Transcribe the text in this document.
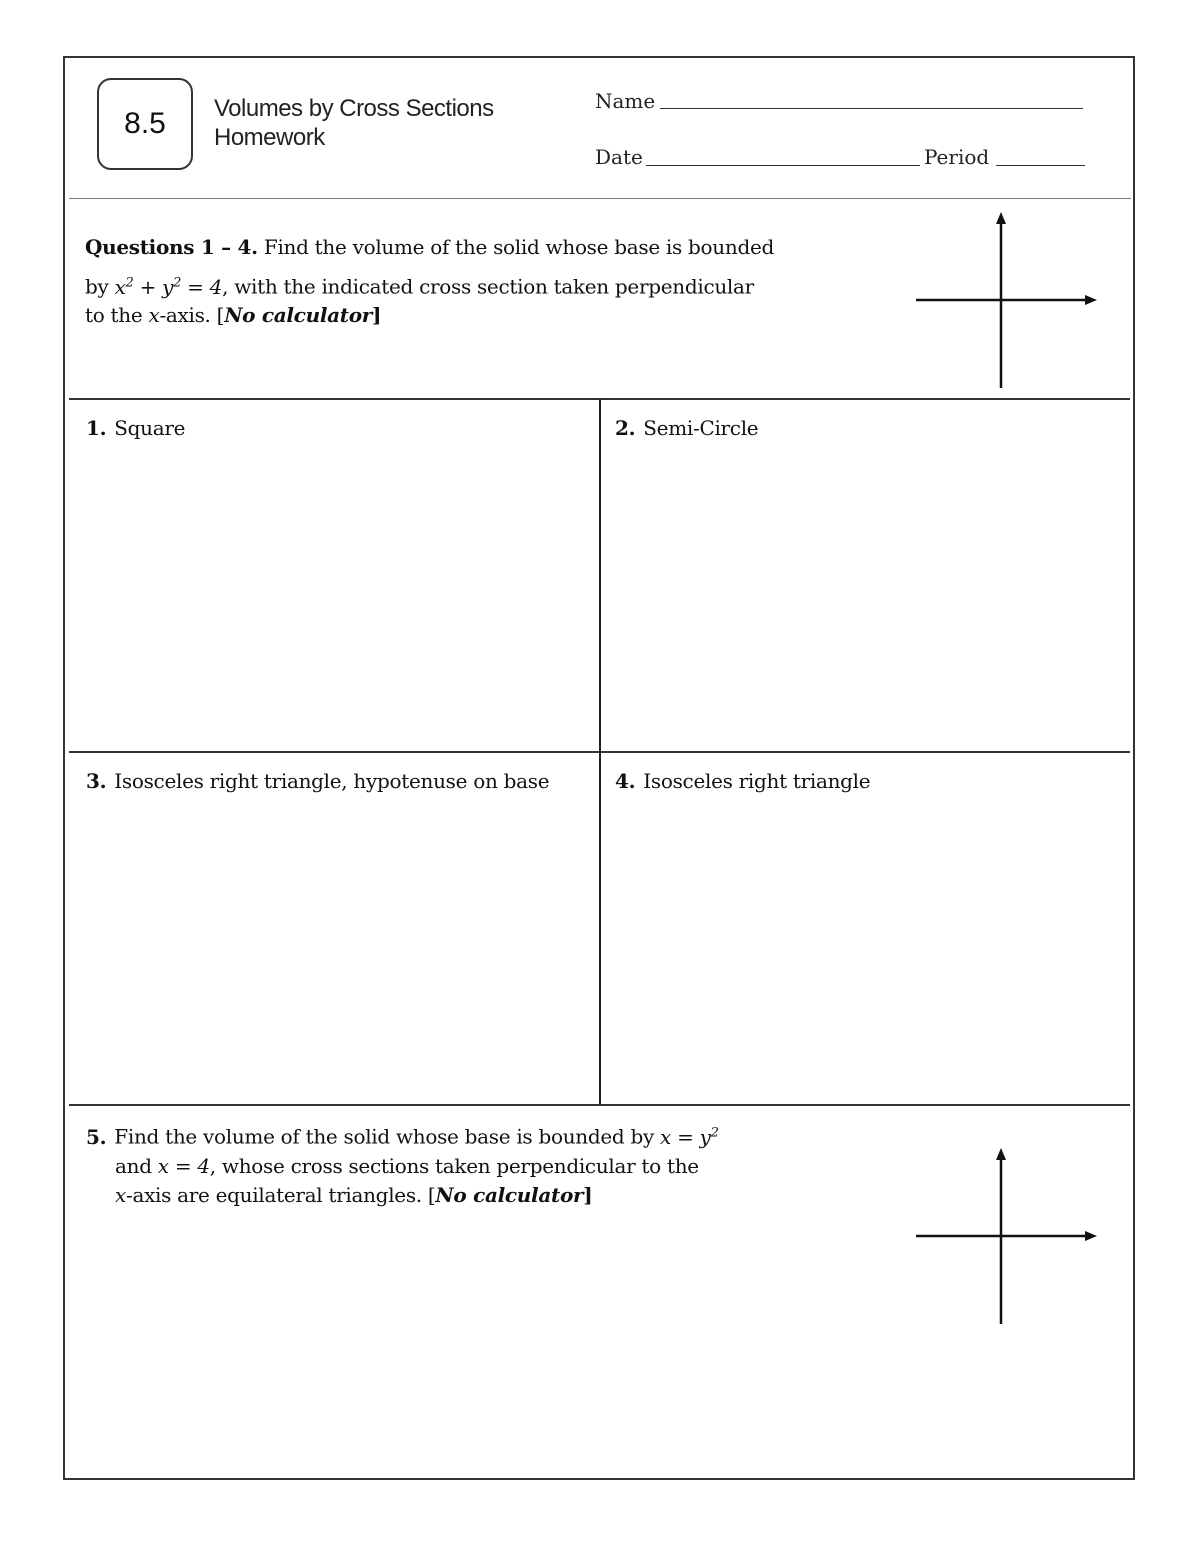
8.5 Volumes by Cross Sections
Homework
Name
Date	Period
Questions 1 – 4. Find the volume of the solid whose base is bounded
by $x^2 + y^2 = 4$, with the indicated cross section taken perpendicular
to the x-axis. [No calculator]
1. Square	2. Semi-Circle
3. Isosceles right triangle, hypotenuse on base	4. Isosceles right triangle
5. Find the volume of the solid whose base is bounded by $x = y^2$
and x = 4, whose cross sections taken perpendicular to the
x-axis are equilateral triangles. [No calculator]
